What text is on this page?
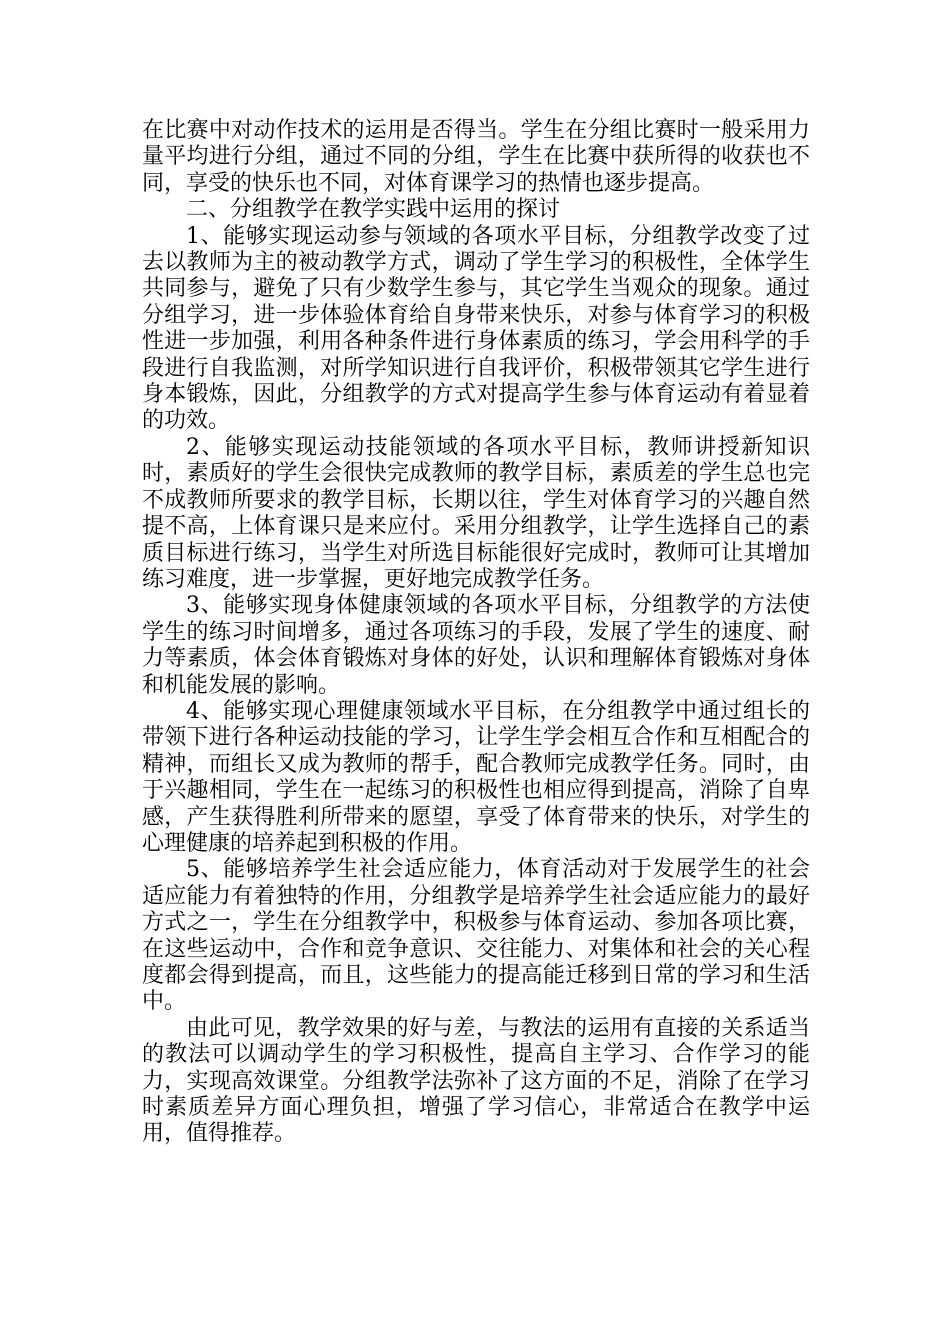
在比赛中对动作技术的运用是否得当。学生在分组比赛时一般采用力量平均进行分组，通过不同的分组，学生在比赛中获所得的收获也不同，享受的快乐也不同，对体育课学习的热情也逐步提高。

二、分组教学在教学实践中运用的探讨

1、能够实现运动参与领域的各项水平目标，分组教学改变了过去以教师为主的被动教学方式，调动了学生学习的积极性，全体学生共同参与，避免了只有少数学生参与，其它学生当观众的现象。通过分组学习，进一步体验体育给自身带来快乐，对参与体育学习的积极性进一步加强，利用各种条件进行身体素质的练习，学会用科学的手段进行自我监测，对所学知识进行自我评价，积极带领其它学生进行身本锻炼，因此，分组教学的方式对提高学生参与体育运动有着显着的功效。

2、能够实现运动技能领域的各项水平目标，教师讲授新知识时，素质好的学生会很快完成教师的教学目标，素质差的学生总也完不成教师所要求的教学目标，长期以往，学生对体育学习的兴趣自然提不高，上体育课只是来应付。采用分组教学，让学生选择自己的素质目标进行练习，当学生对所选目标能很好完成时，教师可让其增加练习难度，进一步掌握，更好地完成教学任务。

3、能够实现身体健康领域的各项水平目标，分组教学的方法使学生的练习时间增多，通过各项练习的手段，发展了学生的速度、耐力等素质，体会体育锻炼对身体的好处，认识和理解体育锻炼对身体和机能发展的影响。

4、能够实现心理健康领域水平目标，在分组教学中通过组长的带领下进行各种运动技能的学习，让学生学会相互合作和互相配合的精神，而组长又成为教师的帮手，配合教师完成教学任务。同时，由于兴趣相同，学生在一起练习的积极性也相应得到提高，消除了自卑感，产生获得胜利所带来的愿望，享受了体育带来的快乐，对学生的心理健康的培养起到积极的作用。

5、能够培养学生社会适应能力，体育活动对于发展学生的社会适应能力有着独特的作用，分组教学是培养学生社会适应能力的最好方式之一，学生在分组教学中，积极参与体育运动、参加各项比赛，在这些运动中，合作和竞争意识、交往能力、对集体和社会的关心程度都会得到提高，而且，这些能力的提高能迁移到日常的学习和生活中。

由此可见，教学效果的好与差，与教法的运用有直接的关系适当的教法可以调动学生的学习积极性，提高自主学习、合作学习的能力，实现高效课堂。分组教学法弥补了这方面的不足，消除了在学习时素质差异方面心理负担，增强了学习信心，非常适合在教学中运用，值得推荐。
